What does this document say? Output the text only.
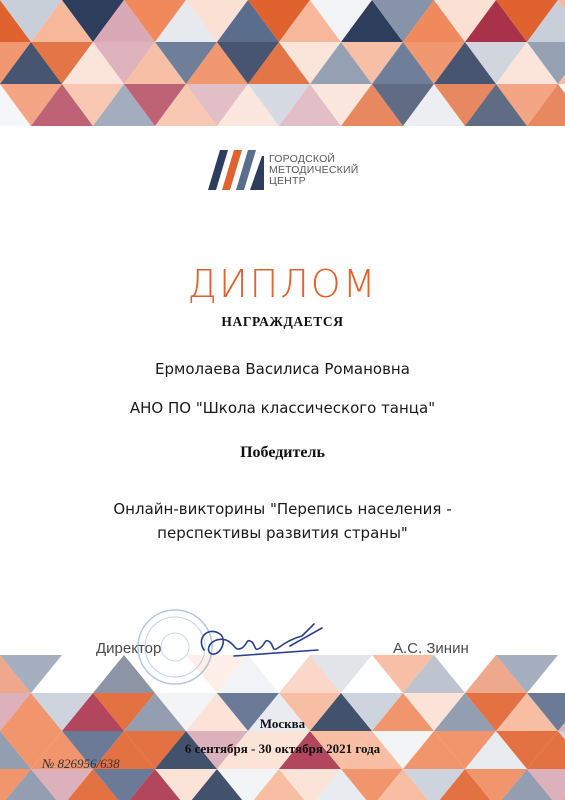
ГОРОДСКОЙ
МЕТОДИЧЕСКИЙ
ЦЕНТР
ДИПЛОМ
НАГРАЖДАЕТСЯ
Ермолаева Василиса Романовна
АНО ПО "Школа классического танца"
Победитель
Онлайн-викторины "Перепись населения -
перспективы развития страны"
Директор	А.С. Зинин
Москва
6 сентября - 30 октября 2021 года
№ 826956/638
